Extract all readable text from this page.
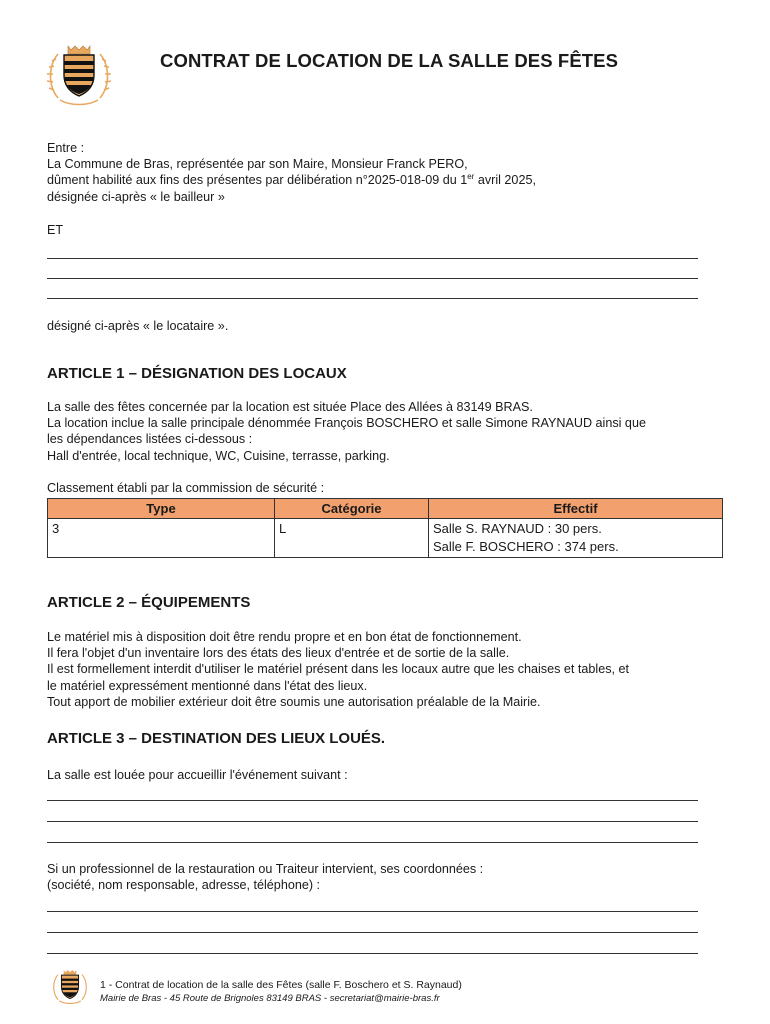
CONTRAT DE LOCATION DE LA SALLE DES FÊTES
Entre :
La Commune de Bras, représentée par son Maire, Monsieur Franck PERO,
dûment habilité aux fins des présentes par délibération n°2025-018-09 du 1er avril 2025,
désignée ci-après « le bailleur »
ET
désigné ci-après « le locataire ».
ARTICLE 1 – DÉSIGNATION DES LOCAUX
La salle des fêtes concernée par la location est située Place des Allées à 83149 BRAS.
La location inclue la salle principale dénommée François BOSCHERO et salle Simone RAYNAUD ainsi que
les dépendances listées ci-dessous :
Hall d'entrée, local technique, WC, Cuisine, terrasse, parking.
Classement établi par la commission de sécurité :
Type	Catégorie	Effectif
3	L	Salle S. RAYNAUD : 30 pers.
Salle F. BOSCHERO : 374 pers.
ARTICLE 2 – ÉQUIPEMENTS
Le matériel mis à disposition doit être rendu propre et en bon état de fonctionnement.
Il fera l'objet d'un inventaire lors des états des lieux d'entrée et de sortie de la salle.
Il est formellement interdit d'utiliser le matériel présent dans les locaux autre que les chaises et tables, et
le matériel expressément mentionné dans l'état des lieux.
Tout apport de mobilier extérieur doit être soumis une autorisation préalable de la Mairie.
ARTICLE 3 – DESTINATION DES LIEUX LOUÉS.
La salle est louée pour accueillir l'événement suivant :
Si un professionnel de la restauration ou Traiteur intervient, ses coordonnées :
(société, nom responsable, adresse, téléphone) :
1 - Contrat de location de la salle des Fêtes (salle F. Boschero et S. Raynaud)
Mairie de Bras - 45 Route de Brignoles 83149 BRAS - secretariat@mairie-bras.fr
